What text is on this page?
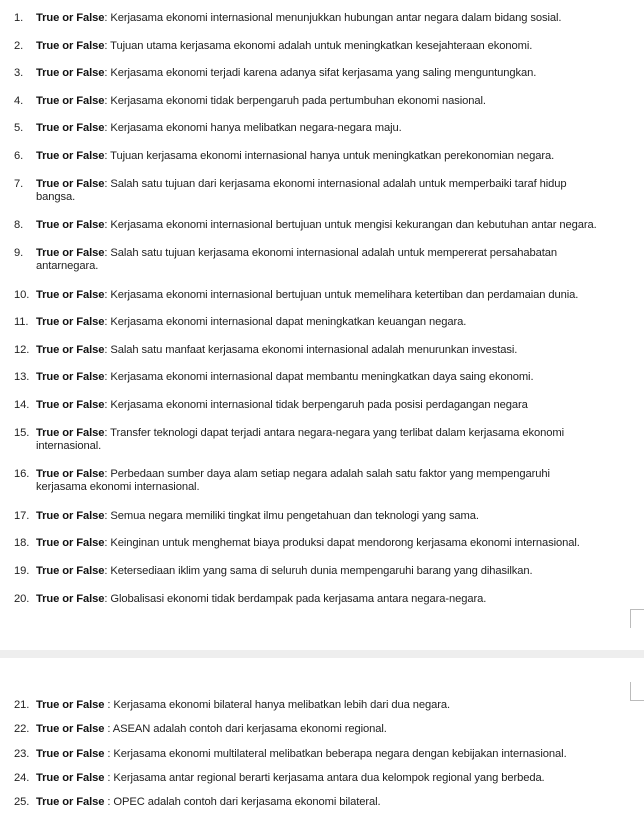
1. True or False: Kerjasama ekonomi internasional menunjukkan hubungan antar negara dalam bidang sosial.
2. True or False: Tujuan utama kerjasama ekonomi adalah untuk meningkatkan kesejahteraan ekonomi.
3. True or False: Kerjasama ekonomi terjadi karena adanya sifat kerjasama yang saling menguntungkan.
4. True or False: Kerjasama ekonomi tidak berpengaruh pada pertumbuhan ekonomi nasional.
5. True or False: Kerjasama ekonomi hanya melibatkan negara-negara maju.
6. True or False: Tujuan kerjasama ekonomi internasional hanya untuk meningkatkan perekonomian negara.
7. True or False: Salah satu tujuan dari kerjasama ekonomi internasional adalah untuk memperbaiki taraf hidup
bangsa.
8. True or False: Kerjasama ekonomi internasional bertujuan untuk mengisi kekurangan dan kebutuhan antar negara.
9. True or False: Salah satu tujuan kerjasama ekonomi internasional adalah untuk mempererat persahabatan
antarnegara.
10. True or False: Kerjasama ekonomi internasional bertujuan untuk memelihara ketertiban dan perdamaian dunia.
11. True or False: Kerjasama ekonomi internasional dapat meningkatkan keuangan negara.
12. True or False: Salah satu manfaat kerjasama ekonomi internasional adalah menurunkan investasi.
13. True or False: Kerjasama ekonomi internasional dapat membantu meningkatkan daya saing ekonomi.
14. True or False: Kerjasama ekonomi internasional tidak berpengaruh pada posisi perdagangan negara
15. True or False: Transfer teknologi dapat terjadi antara negara-negara yang terlibat dalam kerjasama ekonomi
internasional.
16. True or False: Perbedaan sumber daya alam setiap negara adalah salah satu faktor yang mempengaruhi
kerjasama ekonomi internasional.
17. True or False: Semua negara memiliki tingkat ilmu pengetahuan dan teknologi yang sama.
18. True or False: Keinginan untuk menghemat biaya produksi dapat mendorong kerjasama ekonomi internasional.
19. True or False: Ketersediaan iklim yang sama di seluruh dunia mempengaruhi barang yang dihasilkan.
20. True or False: Globalisasi ekonomi tidak berdampak pada kerjasama antara negara-negara.
21. True or False : Kerjasama ekonomi bilateral hanya melibatkan lebih dari dua negara.
22. True or False : ASEAN adalah contoh dari kerjasama ekonomi regional.
23. True or False : Kerjasama ekonomi multilateral melibatkan beberapa negara dengan kebijakan internasional.
24. True or False : Kerjasama antar regional berarti kerjasama antara dua kelompok regional yang berbeda.
25. True or False : OPEC adalah contoh dari kerjasama ekonomi bilateral.
